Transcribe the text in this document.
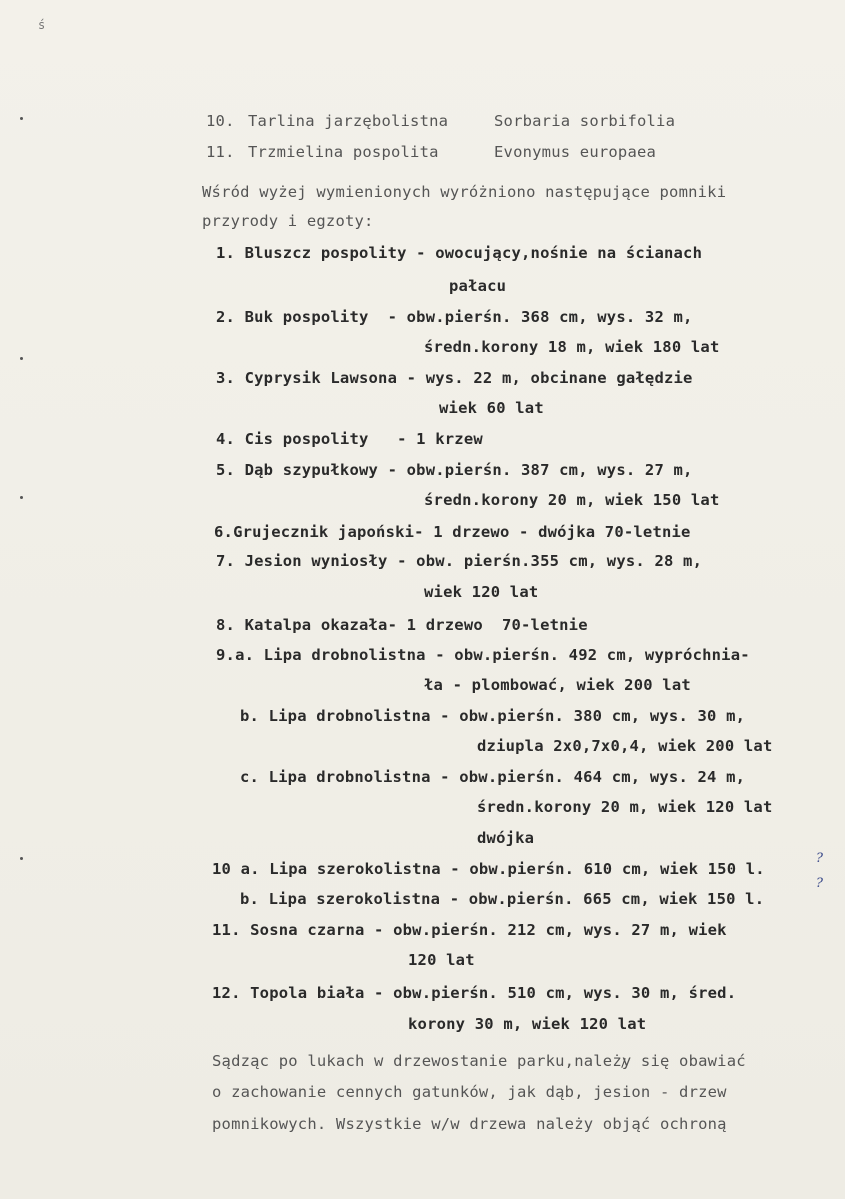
ś
10. Tarlina jarzębolistna	Sorbaria sorbifolia
11. Trzmielina pospolita	Evonymus europaea
Wśród wyżej wymienionych wyróżniono następujące pomniki
przyrody i egzoty:
1. Bluszcz pospolity - owocujący,nośnie na ścianach
pałacu
2. Buk pospolity  - obw.pierśn. 368 cm, wys. 32 m,
średn.korony 18 m, wiek 180 lat
3. Cyprysik Lawsona - wys. 22 m, obcinane gałędzie
wiek 60 lat
4. Cis pospolity   - 1 krzew
5. Dąb szypułkowy - obw.pierśn. 387 cm, wys. 27 m,
średn.korony 20 m, wiek 150 lat
6.Grujecznik japoński- 1 drzewo - dwójka 70-letnie
7. Jesion wyniosły - obw. pierśn.355 cm, wys. 28 m,
wiek 120 lat
8. Katalpa okazała- 1 drzewo  70-letnie
9.a. Lipa drobnolistna - obw.pierśn. 492 cm, wypróchnia-
ła - plombować, wiek 200 lat
b. Lipa drobnolistna - obw.pierśn. 380 cm, wys. 30 m,
dziupla 2x0,7x0,4, wiek 200 lat
c. Lipa drobnolistna - obw.pierśn. 464 cm, wys. 24 m,
średn.korony 20 m, wiek 120 lat
dwójka
10 a. Lipa szerokolistna - obw.pierśn. 610 cm, wiek 150 l.
b. Lipa szerokolistna - obw.pierśn. 665 cm, wiek 150 l.
11. Sosna czarna - obw.pierśn. 212 cm, wys. 27 m, wiek
120 lat
12. Topola biała - obw.pierśn. 510 cm, wys. 30 m, śred.
korony 30 m, wiek 120 lat
?
?
Sądząc po lukach w drzewostanie parku,należy się obawiać
o zachowanie cennych gatunków, jak dąb, jesion - drzew
pomnikowych. Wszystkie w/w drzewa należy objąć ochroną
